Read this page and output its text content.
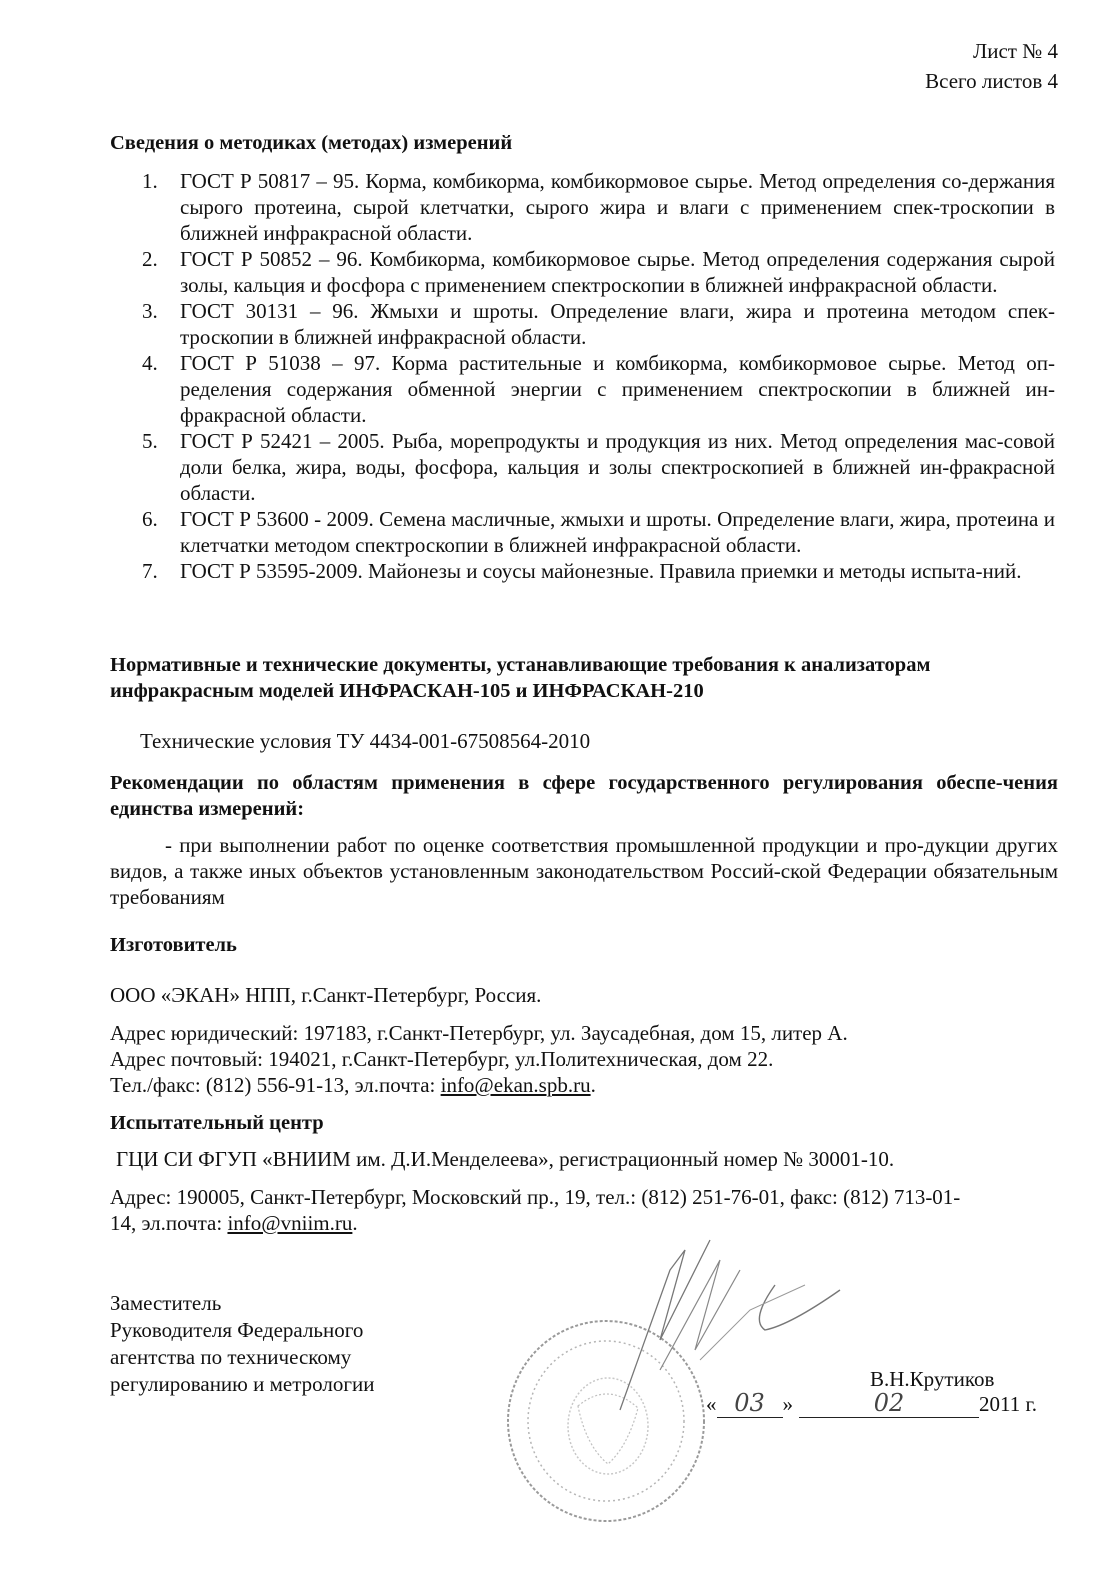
Лист № 4
Всего листов 4
Сведения о методиках (методах) измерений
1. ГОСТ Р 50817 – 95. Корма, комбикорма, комбикормовое сырье. Метод определения со-держания сырого протеина, сырой клетчатки, сырого жира и влаги с применением спек-троскопии в ближней инфракрасной области.
2. ГОСТ Р 50852 – 96. Комбикорма, комбикормовое сырье. Метод определения содержания сырой золы, кальция и фосфора с применением спектроскопии в ближней инфракрасной области.
3. ГОСТ 30131 – 96. Жмыхи и шроты. Определение влаги, жира и протеина методом спек-троскопии в ближней инфракрасной области.
4. ГОСТ Р 51038 – 97. Корма растительные и комбикорма, комбикормовое сырье. Метод оп-ределения содержания обменной энергии с применением спектроскопии в ближней ин-фракрасной области.
5. ГОСТ Р 52421 – 2005. Рыба, морепродукты и продукция из них. Метод определения мас-совой доли белка, жира, воды, фосфора, кальция и золы спектроскопией в ближней ин-фракрасной области.
6. ГОСТ Р 53600 - 2009. Семена масличные, жмыхи и шроты. Определение влаги, жира, протеина и клетчатки методом спектроскопии в ближней инфракрасной области.
7. ГОСТ Р 53595-2009. Майонезы и соусы майонезные. Правила приемки и методы испыта-ний.
Нормативные и технические документы, устанавливающие требования к анализаторам
инфракрасным моделей ИНФРАСКАН-105 и ИНФРАСКАН-210
Технические условия ТУ 4434-001-67508564-2010
Рекомендации по областям применения в сфере государственного регулирования обеспе-чения единства измерений:
- при выполнении работ по оценке соответствия промышленной продукции и про-дукции других видов, а также иных объектов установленным законодательством Россий-ской Федерации обязательным требованиям
Изготовитель
ООО «ЭКАН» НПП, г.Санкт-Петербург, Россия.
Адрес юридический: 197183, г.Санкт-Петербург, ул. Заусадебная, дом 15, литер А.
Адрес почтовый: 194021, г.Санкт-Петербург, ул.Политехническая, дом 22.
Тел./факс: (812) 556-91-13, эл.почта: info@ekan.spb.ru.
Испытательный центр
ГЦИ СИ ФГУП «ВНИИМ им. Д.И.Менделеева», регистрационный номер № 30001-10.
Адрес: 190005, Санкт-Петербург, Московский пр., 19, тел.: (812) 251-76-01, факс: (812) 713-01-
14, эл.почта: info@vniim.ru.
Заместитель
Руководителя Федерального
агентства по техническому
регулированию и метрологии	В.Н.Крутиков
« 03 »	02	2011 г.
